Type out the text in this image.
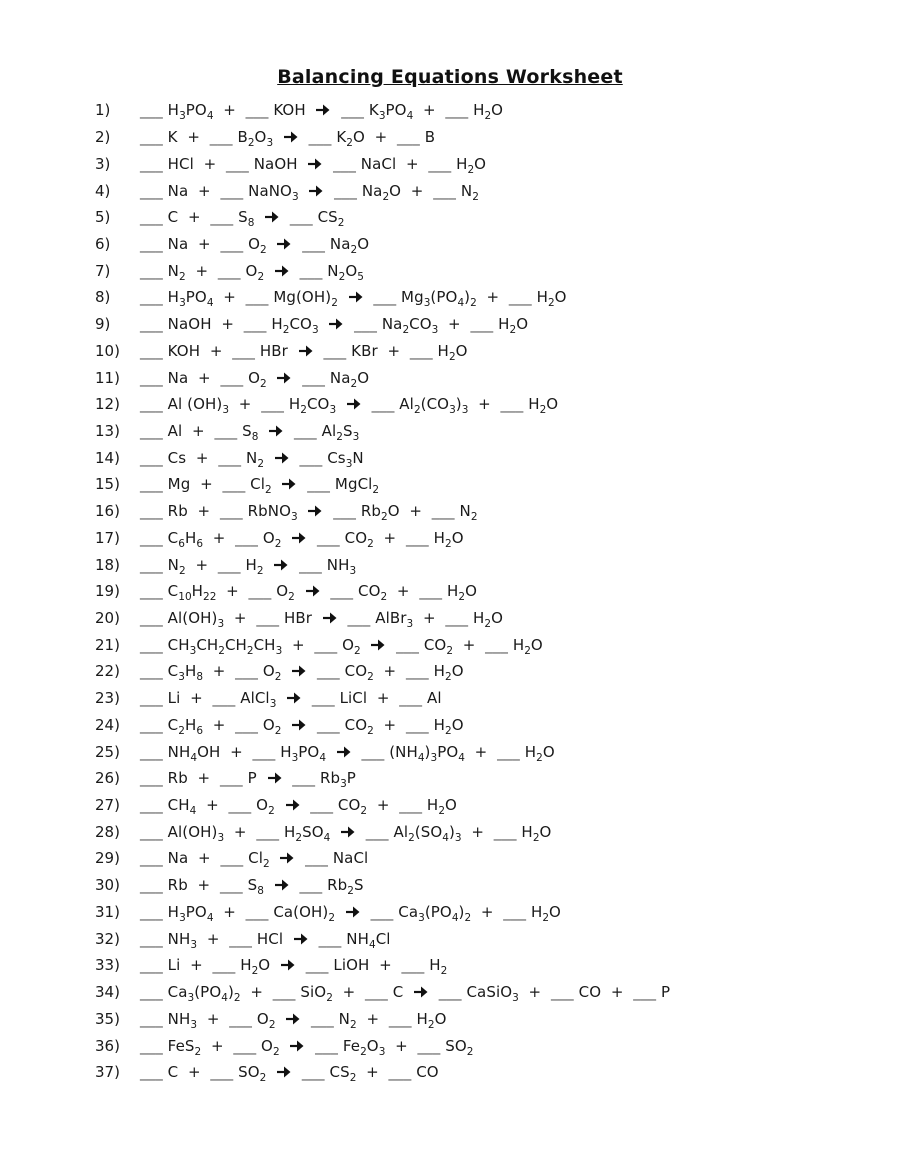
Balancing Equations Worksheet
1)	___ $H_3PO_4$  +  ___ KOH    ___ $K_3PO_4$  +  ___ $H_2O$
2)	___ K  +  ___ $B_2O_3$ ___ $K_2O$  +  ___ B
3)	___ HCl  +  ___ NaOH    ___ NaCl  +  ___ $H_2O$
4)	___ Na  +  ___ NaNO$_3$ ___ $Na_2O$  +  ___ $N_2$
5)	___ C  +  ___ $S_8$ ___ $CS_2$
6)	___ Na  +  ___ $O_2$ ___ $Na_2O$
7)	___ $N_2$  +  ___ $O_2$ ___ $N_2O_5$
8)	___ $H_3PO_4$  +  ___ $Mg(OH)_2$ ___ $Mg_3(PO_4)_2$  +  ___ $H_2O$
9)	___ NaOH  +  ___ $H_2CO_3$ ___ $Na_2CO_3$  +  ___ $H_2O$
10)	___ KOH  +  ___ HBr    ___ KBr  +  ___ $H_2O$
11)	___ Na  +  ___ $O_2$ ___ $Na_2O$
12)	___ Al $(OH)_3$  +  ___ $H_2CO_3$ ___ $Al_2(CO_3)_3$  +  ___ $H_2O$
13)	___ Al  +  ___ $S_8$ ___ $Al_2S_3$
14)	___ Cs  +  ___ $N_2$ ___ $Cs_3N$
15)	___ Mg  +  ___ $Cl_2$ ___ MgCl$_2$
16)	___ Rb  +  ___ RbNO$_3$ ___ $Rb_2O$  +  ___ $N_2$
17)	___ $C_6H_6$  +  ___ $O_2$ ___ $CO_2$  +  ___ $H_2O$
18)	___ $N_2$  +  ___ $H_2$ ___ $NH_3$
19)	___ $C_{10}H_{22}$  +  ___ $O_2$ ___ $CO_2$  +  ___ $H_2O$
20)	___ $Al(OH)_3$  +  ___ HBr    ___ AlBr$_3$  +  ___ $H_2O$
21)	___ $CH_3CH_2CH_2CH_3$  +  ___ $O_2$ ___ $CO_2$  +  ___ $H_2O$
22)	___ $C_3H_8$  +  ___ $O_2$ ___ $CO_2$  +  ___ $H_2O$
23)	___ Li  +  ___ AlCl$_3$ ___ LiCl  +  ___ Al
24)	___ $C_2H_6$  +  ___ $O_2$ ___ $CO_2$  +  ___ $H_2O$
25)	___ $NH_4OH$  +  ___ $H_3PO_4$ ___ $(NH_4)_3PO_4$  +  ___ $H_2O$
26)	___ Rb  +  ___ P    ___ $Rb_3P$
27)	___ $CH_4$  +  ___ $O_2$ ___ $CO_2$  +  ___ $H_2O$
28)	___ $Al(OH)_3$  +  ___ $H_2SO_4$ ___ $Al_2(SO_4)_3$  +  ___ $H_2O$
29)	___ Na  +  ___ $Cl_2$ ___ NaCl
30)	___ Rb  +  ___ $S_8$ ___ $Rb_2S$
31)	___ $H_3PO_4$  +  ___ $Ca(OH)_2$ ___ $Ca_3(PO_4)_2$  +  ___ $H_2O$
32)	___ $NH_3$  +  ___ HCl    ___ $NH_4Cl$
33)	___ Li  +  ___ $H_2O$    ___ LiOH  +  ___ $H_2$
34)	___ $Ca_3(PO_4)_2$  +  ___ SiO$_2$  +  ___ C    ___ CaSiO$_3$  +  ___ CO  +  ___ P
35)	___ $NH_3$  +  ___ $O_2$ ___ $N_2$  +  ___ $H_2O$
36)	___ FeS$_2$  +  ___ $O_2$ ___ $Fe_2O_3$  +  ___ $SO_2$
37)	___ C  +  ___ $SO_2$ ___ $CS_2$  +  ___ CO
